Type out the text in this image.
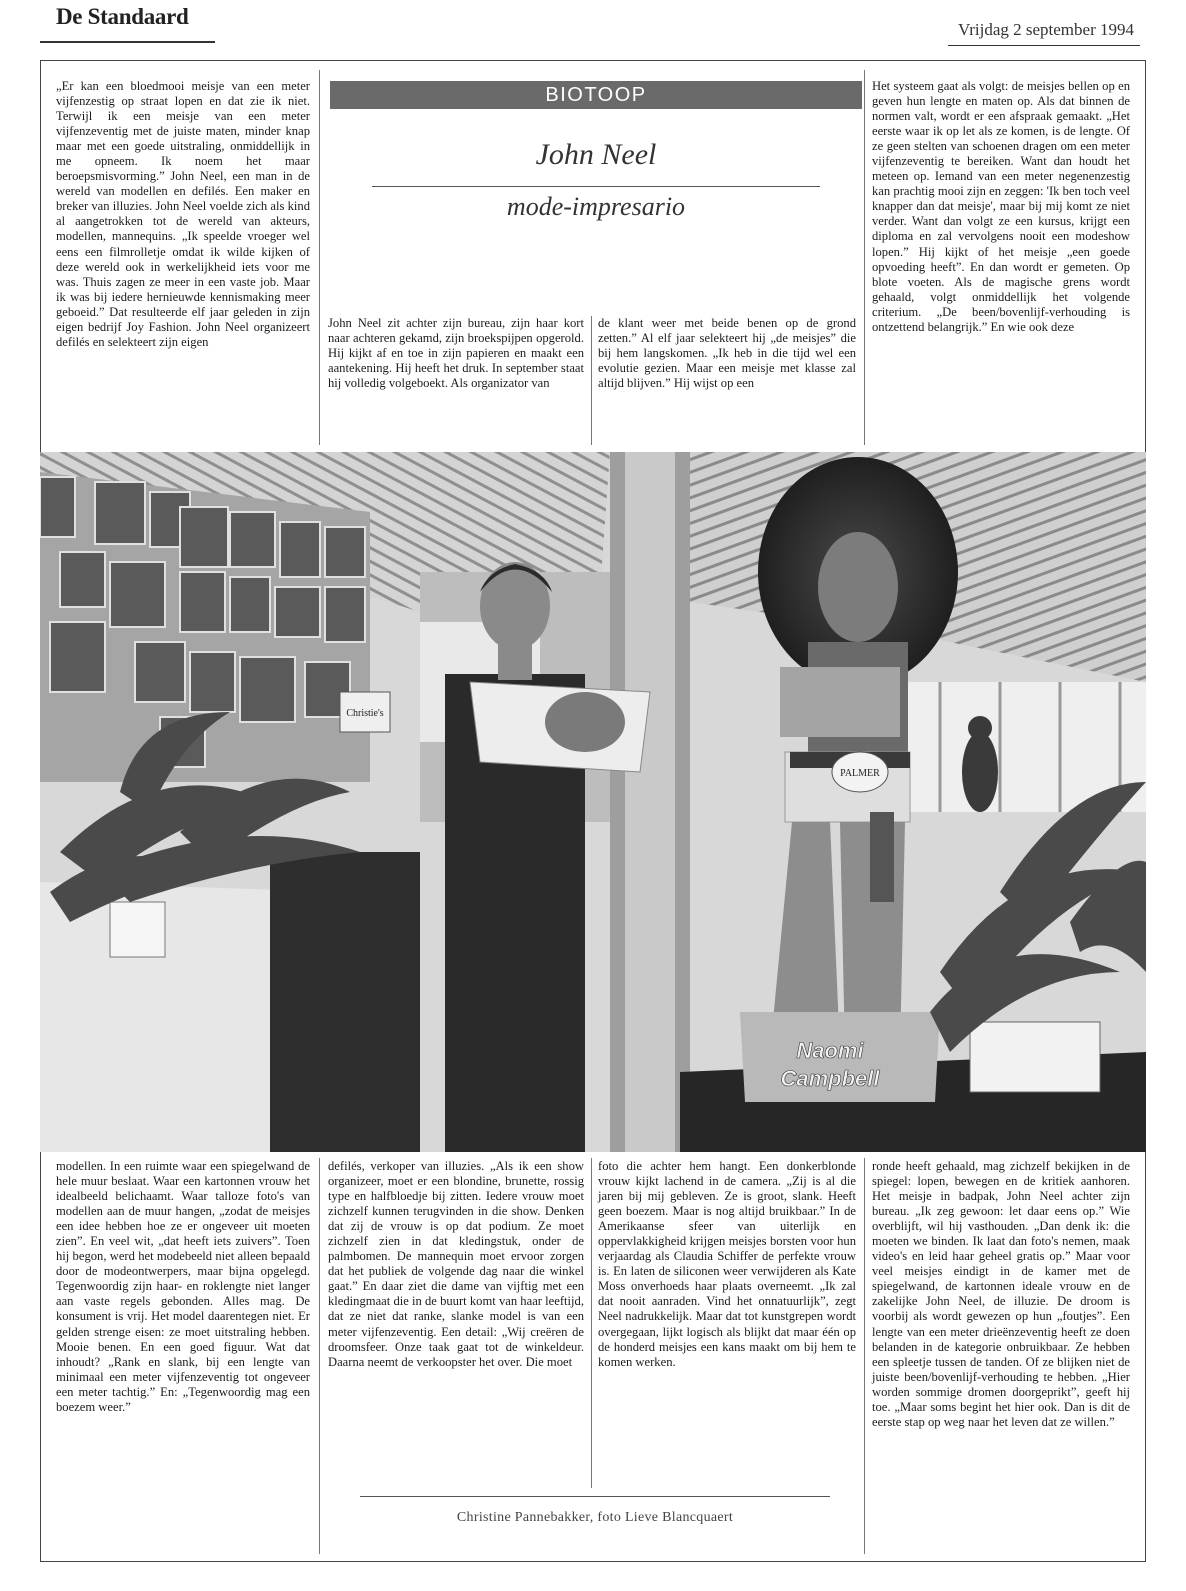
De Standaard
Vrijdag 2 september 1994

„Er kan een bloedmooi meisje van een meter vijfenzestig op straat lopen en dat zie ik niet. Terwijl ik een meisje van een meter vijfenzeventig met de juiste maten, minder knap maar met een goede uitstraling, onmiddellijk in me opneem. Ik noem het maar beroepsmisvorming.” John Neel, een man in de wereld van modellen en defilés. Een maker en breker van illuzies. John Neel voelde zich als kind al aangetrokken tot de wereld van akteurs, modellen, mannequins. „Ik speelde vroeger wel eens een filmrolletje omdat ik wilde kijken of deze wereld ook in werkelijkheid iets voor me was. Thuis zagen ze meer in een vaste job. Maar ik was bij iedere hernieuwde kennismaking meer geboeid.” Dat resulteerde elf jaar geleden in zijn eigen bedrijf Joy Fashion. John Neel organizeert defilés en selekteert zijn eigen

BIOTOOP
John Neel
mode-impresario

John Neel zit achter zijn bureau, zijn haar kort naar achteren gekamd, zijn broekspijpen opgerold. Hij kijkt af en toe in zijn papieren en maakt een aantekening. Hij heeft het druk. In september staat hij volledig volgeboekt. Als organizator van

de klant weer met beide benen op de grond zetten.” Al elf jaar selekteert hij „de meisjes” die bij hem langskomen. „Ik heb in die tijd wel een evolutie gezien. Maar een meisje met klasse zal altijd blijven.” Hij wijst op een

Het systeem gaat als volgt: de meisjes bellen op en geven hun lengte en maten op. Als dat binnen de normen valt, wordt er een afspraak gemaakt. „Het eerste waar ik op let als ze komen, is de lengte. Of ze geen stelten van schoenen dragen om een meter vijfenzeventig te bereiken. Want dan houdt het meteen op. Iemand van een meter negenenzestig kan prachtig mooi zijn en zeggen: 'Ik ben toch veel knapper dan dat meisje', maar bij mij komt ze niet verder. Want dan volgt ze een kursus, krijgt een diploma en zal vervolgens nooit een modeshow lopen.” Hij kijkt of het meisje „een goede opvoeding heeft”. En dan wordt er gemeten. Op blote voeten. Als de magische grens wordt gehaald, volgt onmiddellijk het volgende criterium. „De been/bovenlijf-verhouding is ontzettend belangrijk.” En wie ook deze

Christie's
PALMER
Naomi
Campbell

modellen. In een ruimte waar een spiegelwand de hele muur beslaat. Waar een kartonnen vrouw het idealbeeld belichaamt. Waar talloze foto's van modellen aan de muur hangen, „zodat de meisjes een idee hebben hoe ze er ongeveer uit moeten zien”. En veel wit, „dat heeft iets zuivers”. Toen hij begon, werd het modebeeld niet alleen bepaald door de modeontwerpers, maar bijna opgelegd. Tegenwoordig zijn haar- en roklengte niet langer aan vaste regels gebonden. Alles mag. De konsument is vrij. Het model daarentegen niet. Er gelden strenge eisen: ze moet uitstraling hebben. Mooie benen. En een goed figuur. Wat dat inhoudt? „Rank en slank, bij een lengte van minimaal een meter vijfenzeventig tot ongeveer een meter tachtig.” En: „Tegenwoordig mag een boezem weer.”

defilés, verkoper van illuzies. „Als ik een show organizeer, moet er een blondine, brunette, rossig type en halfbloedje bij zitten. Iedere vrouw moet zichzelf kunnen terugvinden in die show. Denken dat zij de vrouw is op dat podium. Ze moet zichzelf zien in dat kledingstuk, onder de palmbomen. De mannequin moet ervoor zorgen dat het publiek de volgende dag naar die winkel gaat.” En daar ziet die dame van vijftig met een kledingmaat die in de buurt komt van haar leeftijd, dat ze niet dat ranke, slanke model is van een meter vijfenzeventig. Een detail: „Wij creëren de droomsfeer. Onze taak gaat tot de winkeldeur. Daarna neemt de verkoopster het over. Die moet

foto die achter hem hangt. Een donkerblonde vrouw kijkt lachend in de camera. „Zij is al die jaren bij mij gebleven. Ze is groot, slank. Heeft geen boezem. Maar is nog altijd bruikbaar.” In de Amerikaanse sfeer van uiterlijk en oppervlakkigheid krijgen meisjes borsten voor hun verjaardag als Claudia Schiffer de perfekte vrouw is. En laten de siliconen weer verwijderen als Kate Moss onverhoeds haar plaats overneemt. „Ik zal dat nooit aanraden. Vind het onnatuurlijk”, zegt Neel nadrukkelijk. Maar dat tot kunstgrepen wordt overgegaan, lijkt logisch als blijkt dat maar één op de honderd meisjes een kans maakt om bij hem te komen werken.

ronde heeft gehaald, mag zichzelf bekijken in de spiegel: lopen, bewegen en de kritiek aanhoren. Het meisje in badpak, John Neel achter zijn bureau. „Ik zeg gewoon: let daar eens op.” Wie overblijft, wil hij vasthouden. „Dan denk ik: die moeten we binden. Ik laat dan foto's nemen, maak video's en leid haar geheel gratis op.” Maar voor veel meisjes eindigt in de kamer met de spiegelwand, de kartonnen ideale vrouw en de zakelijke John Neel, de illuzie. De droom is voorbij als wordt gewezen op hun „foutjes”. Een lengte van een meter drieënzeventig heeft ze doen belanden in de kategorie onbruikbaar. Ze hebben een spleetje tussen de tanden. Of ze blijken niet de juiste been/bovenlijf-verhouding te hebben. „Hier worden sommige dromen doorgeprikt”, geeft hij toe. „Maar soms begint het hier ook. Dan is dit de eerste stap op weg naar het leven dat ze willen.”

Christine Pannebakker, foto Lieve Blancquaert
